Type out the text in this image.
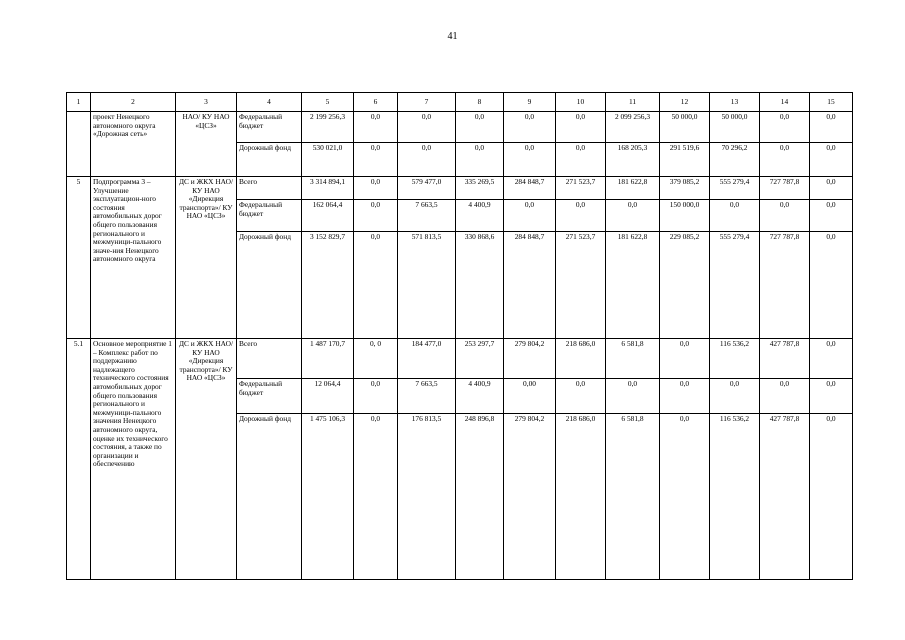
41
1	2	3	4	5	6	7	8	9	10	11	12	13	14	15
	проект Ненецкого автономного округа «Дорожная сеть»	НАО/ КУ НАО «ЦСЗ»	Федеральный бюджет	2 199 256,3	0,0	0,0	0,0	0,0	0,0	2 099 256,3	50 000,0	50 000,0	0,0	0,0
			Дорожный фонд	530 021,0	0,0	0,0	0,0	0,0	0,0	168 205,3	291 519,6	70 296,2	0,0	0,0
5	Подпрограмма 3 – Улучшение эксплуатацион-ного состояния автомобильных дорог общего пользования регионального и межмуници-пального значе-ния Ненецкого автономного округа	ДС и ЖКХ НАО/ КУ НАО «Дирекция транспорта»/ КУ НАО «ЦСЗ»	Всего	3 314 894,1	0,0	579 477,0	335 269,5	284 848,7	271 523,7	181 622,8	379 085,2	555 279,4	727 787,8	0,0
			Федеральный бюджет	162 064,4	0,0	7 663,5	4 400,9	0,0	0,0	0,0	150 000,0	0,0	0,0	0,0
			Дорожный фонд	3 152 829,7	0,0	571 813,5	330 868,6	284 848,7	271 523,7	181 622,8	229 085,2	555 279,4	727 787,8	0,0
5.1	Основное мероприятие 1 – Комплекс работ по поддержанию надлежащего технического состояния автомобильных дорог общего пользования регионального и межмуници-пального значения Ненецкого автономного округа, оценке их технического состояния, а также по организации и обеспечению	ДС и ЖКХ НАО/ КУ НАО «Дирекция транспорта»/ КУ НАО «ЦСЗ»	Всего	1 487 170,7	0, 0	184 477,0	253 297,7	279 804,2	218 686,0	6 581,8	0,0	116 536,2	427 787,8	0,0
			Федеральный бюджет	12 064,4	0,0	7 663,5	4 400,9	0,00	0,0	0,0	0,0	0,0	0,0	0,0
			Дорожный фонд	1 475 106,3	0,0	176 813,5	248 896,8	279 804,2	218 686,0	6 581,8	0,0	116 536,2	427 787,8	0,0
